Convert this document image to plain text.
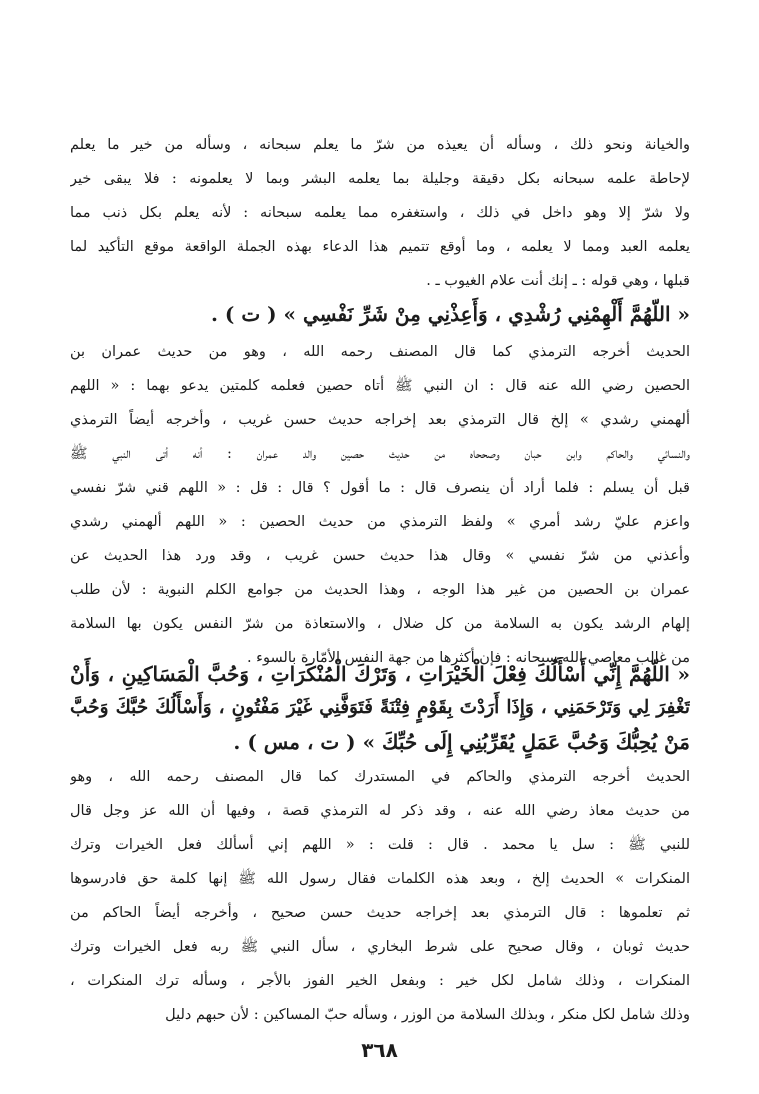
والخيانة ونحو ذلك ، وسأله أن يعيذه من شرّ ما يعلم سبحانه ، وسأله من خير ما يعلم
لإحاطة علمه سبحانه بكل دقيقة وجليلة بما يعلمه البشر وبما لا يعلمونه : فلا يبقى خير
ولا شرّ إلا وهو داخل في ذلك ، واستغفره مما يعلمه سبحانه : لأنه يعلم بكل ذنب مما
يعلمه العبد ومما لا يعلمه ، وما أوقع تتميم هذا الدعاء بهذه الجملة الواقعة موقع التأكيد لما
قبلها ، وهي قوله : ـ إنك أنت علام الغيوب ـ .
« اللّهُمَّ أَلْهِمْنِي رُشْدِي ، وَأَعِذْنِي مِنْ شَرِّ نَفْسِي » ( ت ) .
الحديث أخرجه الترمذي كما قال المصنف رحمه الله ، وهو من حديث عمران بن
الحصين رضي الله عنه قال : ان النبي ﷺ أتاه حصين فعلمه كلمتين يدعو بهما : « اللهم
ألهمني رشدي » إلخ قال الترمذي بعد إخراجه حديث حسن غريب ، وأخرجه أيضاً الترمذي
والنسائي والحاكم وابن حبان وصححاه من حديث حصين والد عمران : أنه أتى النبي ﷺ
قبل أن يسلم : فلما أراد أن ينصرف قال : ما أقول ؟ قال : قل : « اللهم قني شرّ نفسي
واعزم عليّ رشد أمري » ولفظ الترمذي من حديث الحصين : « اللهم ألهمني رشدي
وأعذني من شرّ نفسي » وقال هذا حديث حسن غريب ، وقد ورد هذا الحديث عن
عمران بن الحصين من غير هذا الوجه ، وهذا الحديث من جوامع الكلم النبوية : لأن طلب
إلهام الرشد يكون به السلامة من كل ضلال ، والاستعاذة من شرّ النفس يكون بها السلامة
من غالب معاصي الله سبحانه : فإن أكثرها من جهة النفس الأمّارة بالسوء .
« اللّهُمَّ إِنِّي أَسْأَلُكَ فِعْلَ الْخَيْرَاتِ ، وَتَرْكَ الْمُنْكَرَاتِ ، وَحُبَّ الْمَسَاكِينِ ، وَأَنْ
تَغْفِرَ لِي وَتَرْحَمَنِي ، وَإِذَا أَرَدْتَ بِقَوْمٍ فِتْنَةً فَتَوَفَّنِي غَيْرَ مَفْتُونٍ ، وَأَسْأَلُكَ حُبَّكَ وَحُبَّ
مَنْ يُحِبُّكَ وَحُبَّ عَمَلٍ يُقَرِّبُنِي إِلَى حُبِّكَ » ( ت ، مس ) .
الحديث أخرجه الترمذي والحاكم في المستدرك كما قال المصنف رحمه الله ، وهو
من حديث معاذ رضي الله عنه ، وقد ذكر له الترمذي قصة ، وفيها أن الله عز وجل قال
للنبي ﷺ : سل يا محمد . قال : قلت : « اللهم إني أسألك فعل الخيرات وترك
المنكرات » الحديث إلخ ، وبعد هذه الكلمات فقال رسول الله ﷺ إنها كلمة حق فادرسوها
ثم تعلموها : قال الترمذي بعد إخراجه حديث حسن صحيح ، وأخرجه أيضاً الحاكم من
حديث ثوبان ، وقال صحيح على شرط البخاري ، سأل النبي ﷺ ربه فعل الخيرات وترك
المنكرات ، وذلك شامل لكل خير : وبفعل الخير الفوز بالأجر ، وسأله ترك المنكرات ،
وذلك شامل لكل منكر ، وبذلك السلامة من الوزر ، وسأله حبّ المساكين : لأن حبهم دليل
٣٦٨
